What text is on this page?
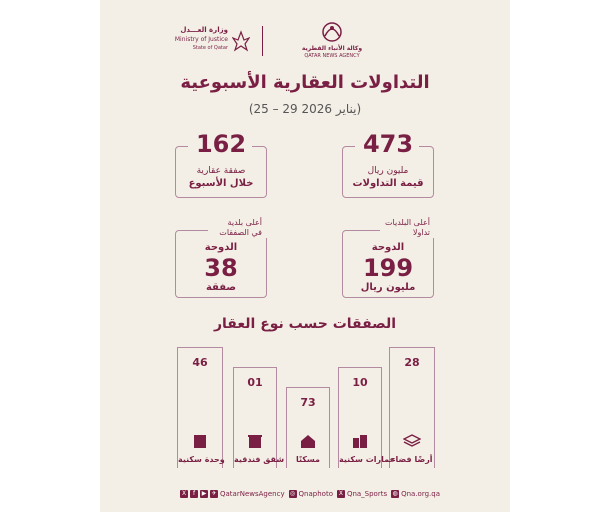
وزارة العـــدل
Ministry of Justice
State of Qatar	وكالة الأنباء القطرية
QATAR NEWS AGENCY
التداولات العقارية الأسبوعية
(25 – 29 يناير 2026)
473
مليون ريال
قيمة التداولات
162
صفقة عقارية
خلال الأسبوع
أعلى البلديات
تداولا
الدوحة
199
مليون ريال
أعلى بلدية
في الصفقات
الدوحة
38
صفقة
الصفقات حسب نوع العقار
28
أرضًا فضاء
10
عمارات سكنية
73
مسكنًا
01
شقق فندقية
46
وحدة سكنية
X	f	▶ ✈ QatarNewsAgency ◎ Qnaphoto X Qna_Sports ◍ Qna.org.qa
